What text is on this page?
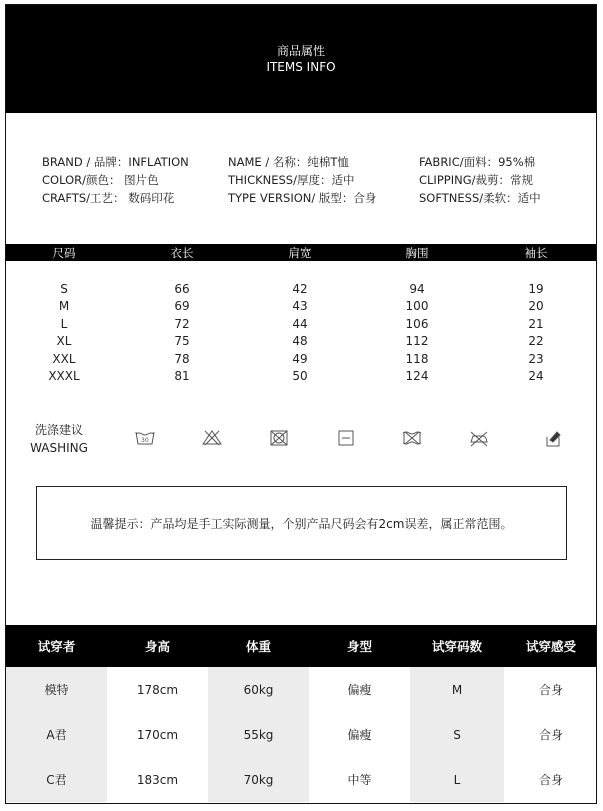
商品属性
ITEMS INFO
BRAND / 品牌：INFLATION
COLOR/颜色： 图片色
CRAFTS/工艺： 数码印花
NAME / 名称：纯棉T恤
THICKNESS/厚度：适中
TYPE VERSION/ 版型：合身
FABRIC/面料：95%棉
CLIPPING/裁剪：常规
SOFTNESS/柔软：适中
尺码	衣长	肩宽	胸围	袖长
S	66	42	94	19
M	69	43	100	20
L	72	44	106	21
XL	75	48	112	22
XXL	78	49	118	23
XXXL	81	50	124	24
洗涤建议
WASHING
30
温馨提示：产品均是手工实际测量，个别产品尺码会有2cm误差，属正常范围。
试穿者	身高	体重	身型	试穿码数	试穿感受
模特	178cm	60kg	偏瘦	M	合身
A君	170cm	55kg	偏瘦	S	合身
C君	183cm	70kg	中等	L	合身
